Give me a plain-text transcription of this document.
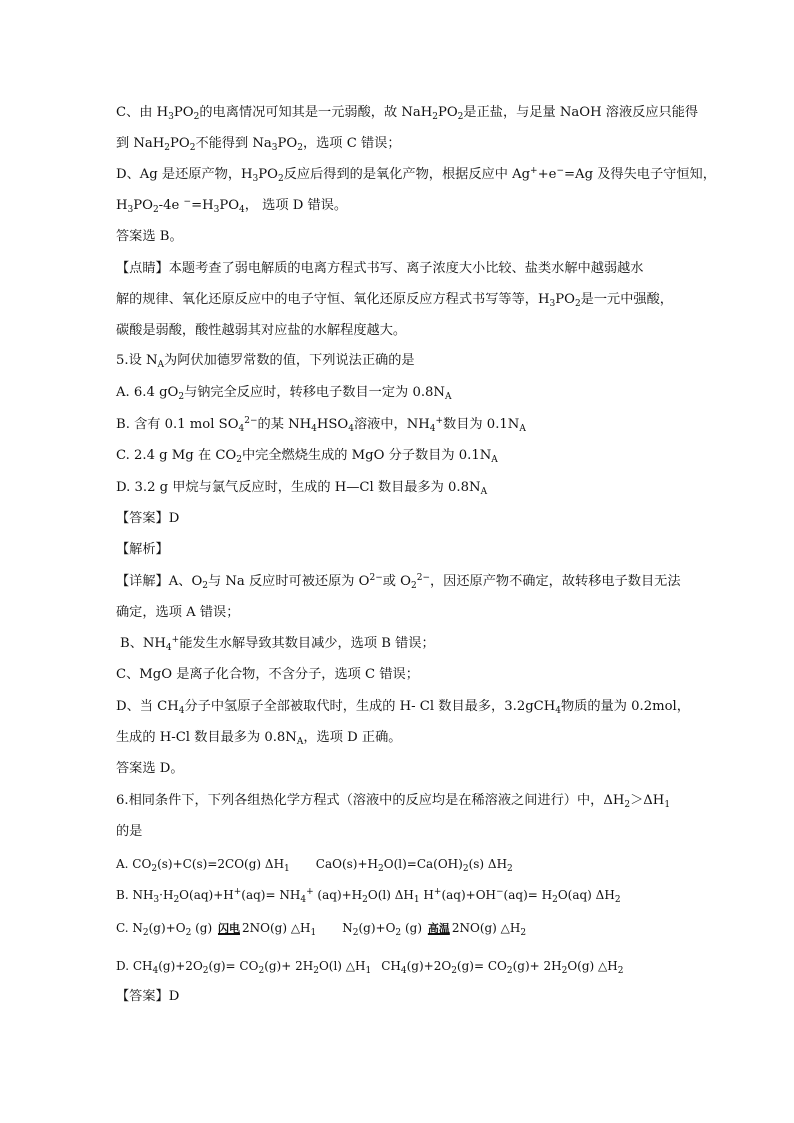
C、由 $H_3PO_2$的电离情况可知其是一元弱酸，故 $NaH_2PO_2$是正盐，与足量 NaOH 溶液反应只能得
到 $NaH_2PO_2$不能得到 $Na_3PO_2$，选项 C 错误；
D、Ag 是还原产物，$H_3PO_2$反应后得到的是氧化产物，根据反应中 Ag++e−=Ag 及得失电子守恒知，
$H_3PO_2-4e$ $^-=H_3PO_4$， 选项 D 错误。
答案选 B。
【点睛】本题考查了弱电解质的电离方程式书写、离子浓度大小比较、盐类水解中越弱越水
解的规律、氧化还原反应中的电子守恒、氧化还原反应方程式书写等等，$H_3PO_2$是一元中强酸，
碳酸是弱酸，酸性越弱其对应盐的水解程度越大。
5.设 $N_A$为阿伏加德罗常数的值，下列说法正确的是
A. 6.4 $gO_2$与钠完全反应时，转移电子数目一定为 $0.8N_A$
B. 含有 0.1 mol $SO_4^{2-}$的某 $NH_4HSO_4$溶液中，$NH_4^+$数目为 $0.1N_A$
C. 2.4 g Mg 在 $CO_2$中完全燃烧生成的 MgO 分子数目为 $0.1N_A$
D. 3.2 g 甲烷与氯气反应时，生成的 H—Cl 数目最多为 $0.8N_A$
【答案】D
【解析】
【详解】A、$O_2$与 Na 反应时可被还原为 $O^{2-}$或 $O_2^{2-}$，因还原产物不确定，故转移电子数目无法
确定，选项 A 错误；
B、$NH_4^+$能发生水解导致其数目减少，选项 B 错误；
C、MgO 是离子化合物，不含分子，选项 C 错误；
D、当 $CH_4$分子中氢原子全部被取代时，生成的 H- Cl 数目最多，3.2gCH$_4$物质的量为 0.2mol，
生成的 H-Cl 数目最多为 $0.8N_A$，选项 D 正确。
答案选 D。
6.相同条件下，下列各组热化学方程式（溶液中的反应均是在稀溶液之间进行）中，$\Delta H_2>\Delta H_1$
的是
A. $CO_2(s)+C(s)=2CO(g)$ $\Delta H_1$ $CaO(s)+H_2O(l)=Ca(OH)_2(s)$ $\Delta H_2$
B. $NH_3\cdot H_2O(aq)+H^+(aq)= NH_4^+$ $(aq)+H_2O(l)$ $\Delta H_1$ $H^+(aq)+OH^-(aq)= H_2O(aq)$ $\Delta H_2$
C. $N_2(g)+O_2$ (g) 闪电 2NO(g) $\triangle H_1$ $N_2(g)+O_2$ (g) 高温 2NO(g) $\triangle H_2$
D. $CH_4(g)+2O_2(g)= CO_2(g)+ 2H_2O(l)$ $\triangle H_1$ $CH_4(g)+2O_2(g)= CO_2(g)+ 2H_2O(g)$ $\triangle H_2$
【答案】D
